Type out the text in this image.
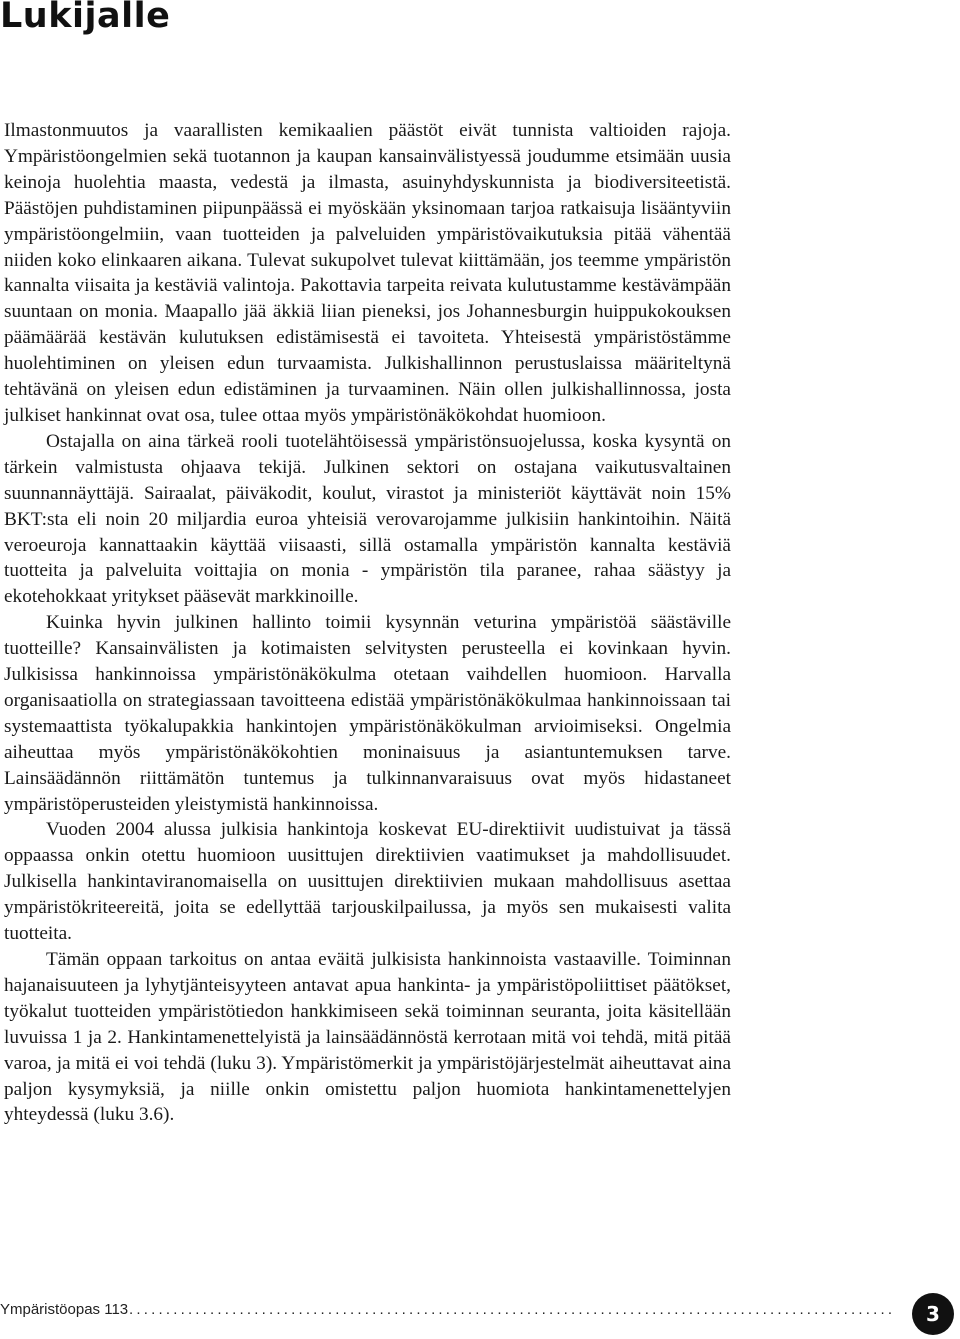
Lukijalle

Ilmastonmuutos ja vaarallisten kemikaalien päästöt eivät tunnista valtioiden rajoja. Ympäristöongelmien sekä tuotannon ja kaupan kansainvälistyessä joudumme etsimään uusia keinoja huolehtia maasta, vedestä ja ilmasta, asuinyhdyskunnista ja biodiversiteetistä. Päästöjen puhdistaminen piipunpäässä ei myöskään yksinomaan tarjoa ratkaisuja lisääntyviin ympäristöongelmiin, vaan tuotteiden ja palveluiden ympäristövaikutuksia pitää vähentää niiden koko elinkaaren aikana. Tulevat sukupolvet tulevat kiittämään, jos teemme ympäristön kannalta viisaita ja kestäviä valintoja. Pakottavia tarpeita reivata kulutustamme kestävämpään suuntaan on monia. Maapallo jää äkkiä liian pieneksi, jos Johannesburgin huippukokouksen päämäärää kestävän kulutuksen edistämisestä ei tavoiteta. Yhteisestä ympäristöstämme huolehtiminen on yleisen edun turvaamista. Julkishallinnon perustuslaissa määriteltynä tehtävänä on yleisen edun edistäminen ja turvaaminen. Näin ollen julkishallinnossa, josta julkiset hankinnat ovat osa, tulee ottaa myös ympäristönäkökohdat huomioon.

Ostajalla on aina tärkeä rooli tuotelähtöisessä ympäristönsuojelussa, koska kysyntä on tärkein valmistusta ohjaava tekijä. Julkinen sektori on ostajana vaikutusvaltainen suunnannäyttäjä. Sairaalat, päiväkodit, koulut, virastot ja ministeriöt käyttävät noin 15% BKT:sta eli noin 20 miljardia euroa yhteisiä verovarojamme julkisiin hankintoihin. Näitä veroeuroja kannattaakin käyttää viisaasti, sillä ostamalla ympäristön kannalta kestäviä tuotteita ja palveluita voittajia on monia - ympäristön tila paranee, rahaa säästyy ja ekotehokkaat yritykset pääsevät markkinoille.

Kuinka hyvin julkinen hallinto toimii kysynnän veturina ympäristöä säästäville tuotteille? Kansainvälisten ja kotimaisten selvitysten perusteella ei kovinkaan hyvin. Julkisissa hankinnoissa ympäristönäkökulma otetaan vaihdellen huomioon. Harvalla organisaatiolla on strategiassaan tavoitteena edistää ympäristönäkökulmaa hankinnoissaan tai systemaattista työkalupakkia hankintojen ympäristönäkökulman arvioimiseksi. Ongelmia aiheuttaa myös ympäristönäkökohtien moninaisuus ja asiantuntemuksen tarve. Lainsäädännön riittämätön tuntemus ja tulkinnanvaraisuus ovat myös hidastaneet ympäristöperusteiden yleistymistä hankinnoissa.

Vuoden 2004 alussa julkisia hankintoja koskevat EU-direktiivit uudistuivat ja tässä oppaassa onkin otettu huomioon uusittujen direktiivien vaatimukset ja mahdollisuudet. Julkisella hankintaviranomaisella on uusittujen direktiivien mukaan mahdollisuus asettaa ympäristökriteereitä, joita se edellyttää tarjouskilpailussa, ja myös sen mukaisesti valita tuotteita.

Tämän oppaan tarkoitus on antaa eväitä julkisista hankinnoista vastaaville. Toiminnan hajanaisuuteen ja lyhytjänteisyyteen antavat apua hankinta- ja ympäristöpoliittiset päätökset, työkalut tuotteiden ympäristötiedon hankkimiseen sekä toiminnan seuranta, joita käsitellään luvuissa 1 ja 2. Hankintamenettelyistä ja lainsäädännöstä kerrotaan mitä voi tehdä, mitä pitää varoa, ja mitä ei voi tehdä (luku 3). Ympäristömerkit ja ympäristöjärjestelmät aiheuttavat aina paljon kysymyksiä, ja niille onkin omistettu paljon huomiota hankintamenettelyjen yhteydessä (luku 3.6).

Ympäristöopas 113 ........................................................................................................	3
